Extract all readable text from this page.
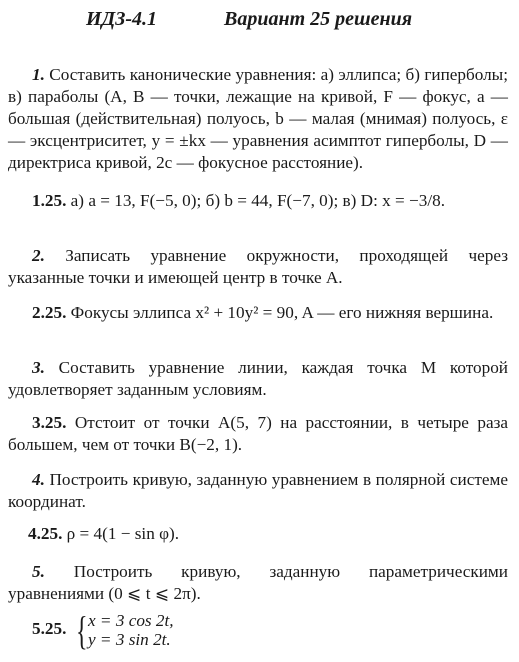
ИДЗ-4.1	Вариант 25 решения
1. Составить канонические уравнения: а) эллипса; б) гиперболы; в) параболы (A, B — точки, лежащие на кривой, F — фокус, a — большая (действительная) полуось, b — малая (мнимая) полуось, ε — эксцентриситет, y = ±kx — уравнения асимптот гиперболы, D — директриса кривой, 2c — фокусное расстояние).
1.25. а) a = 13, F(−5, 0); б) b = 44, F(−7, 0); в) D: x = −3/8.
2. Записать уравнение окружности, проходящей через указанные точки и имеющей центр в точке A.
2.25. Фокусы эллипса x² + 10y² = 90, A — его нижняя вершина.
3. Составить уравнение линии, каждая точка M которой удовлетворяет заданным условиям.
3.25. Отстоит от точки A(5, 7) на расстоянии, в четыре раза большем, чем от точки B(−2, 1).
4. Построить кривую, заданную уравнением в полярной системе координат.
4.25. ρ = 4(1 − sin φ).
5. Построить кривую, заданную параметрическими уравнениями (0 ⩽ t ⩽ 2π).
5.25. { x = 3 cos 2t,
y = 3 sin 2t.
